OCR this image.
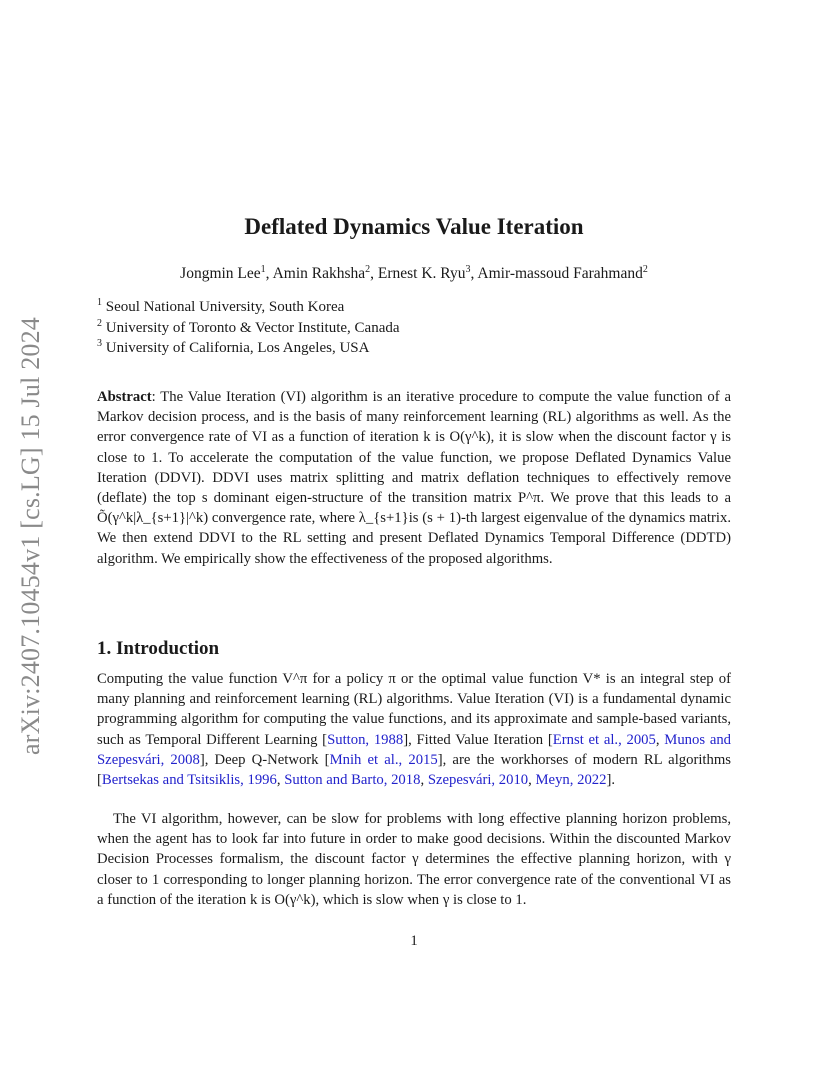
arXiv:2407.10454v1 [cs.LG] 15 Jul 2024
Deflated Dynamics Value Iteration
Jongmin Lee$^1$, Amin Rakhsha$^2$, Ernest K. Ryu$^3$, Amir-massoud Farahmand$^2$
$^1$ Seoul National University, South Korea
$^2$ University of Toronto & Vector Institute, Canada
$^3$ University of California, Los Angeles, USA
Abstract: The Value Iteration (VI) algorithm is an iterative procedure to compute the value function of a Markov decision process, and is the basis of many reinforcement learning (RL) algorithms as well. As the error convergence rate of VI as a function of iteration k is O(γ^k), it is slow when the discount factor γ is close to 1. To accelerate the computation of the value function, we propose Deflated Dynamics Value Iteration (DDVI). DDVI uses matrix splitting and matrix deflation techniques to effectively remove (deflate) the top s dominant eigen-structure of the transition matrix P^π. We prove that this leads to a Õ(γ^k|λ_{s+1}|^k) convergence rate, where λ_{s+1}is (s + 1)-th largest eigenvalue of the dynamics matrix. We then extend DDVI to the RL setting and present Deflated Dynamics Temporal Difference (DDTD) algorithm. We empirically show the effectiveness of the proposed algorithms.
1. Introduction
Computing the value function V^π for a policy π or the optimal value function V* is an integral step of many planning and reinforcement learning (RL) algorithms. Value Iteration (VI) is a fundamental dynamic programming algorithm for computing the value functions, and its approximate and sample-based variants, such as Temporal Different Learning [Sutton, 1988], Fitted Value Iteration [Ernst et al., 2005, Munos and Szepesvári, 2008], Deep Q-Network [Mnih et al., 2015], are the workhorses of modern RL algorithms [Bertsekas and Tsitsiklis, 1996, Sutton and Barto, 2018, Szepesvári, 2010, Meyn, 2022].
The VI algorithm, however, can be slow for problems with long effective planning horizon problems, when the agent has to look far into future in order to make good decisions. Within the discounted Markov Decision Processes formalism, the discount factor γ determines the effective planning horizon, with γ closer to 1 corresponding to longer planning horizon. The error convergence rate of the conventional VI as a function of the iteration k is O(γ^k), which is slow when γ is close to 1.
1
